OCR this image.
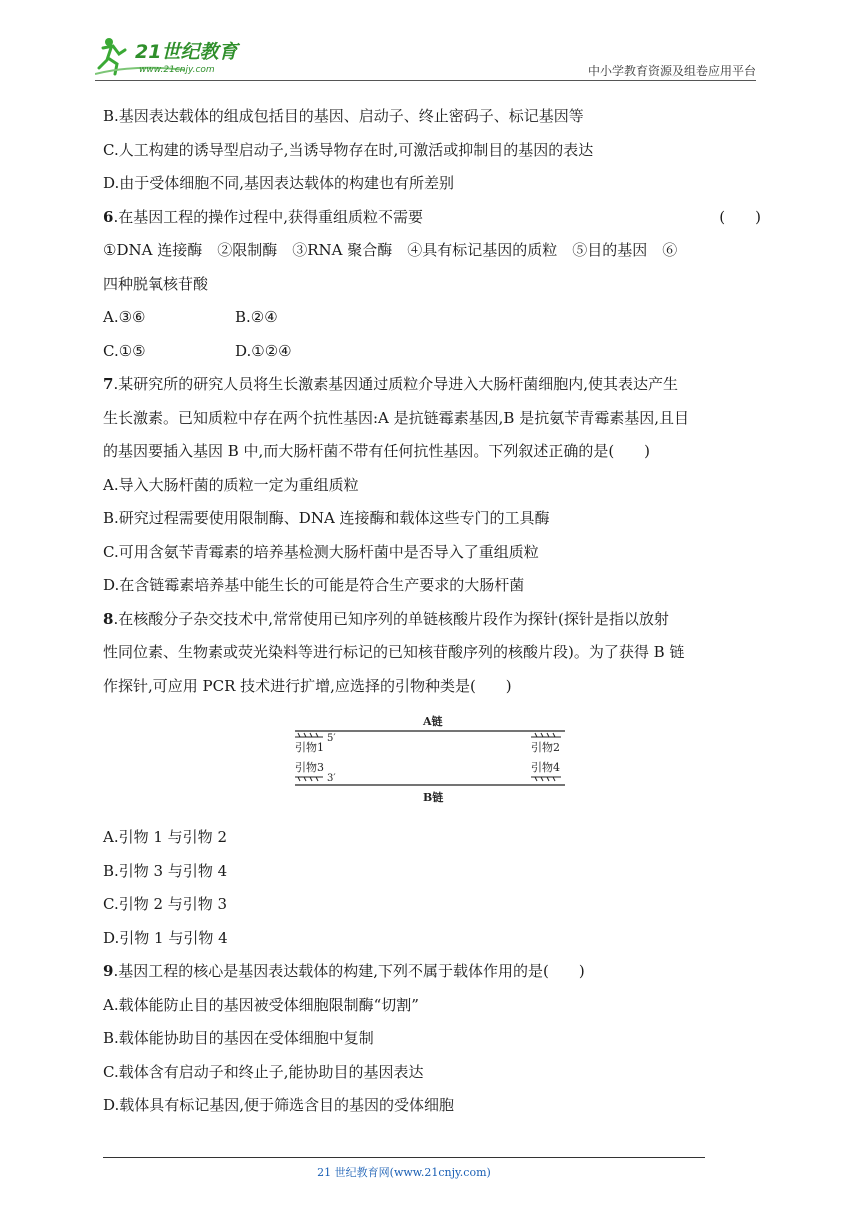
21世纪教育
www.21cnjy.com	中小学教育资源及组卷应用平台
B.基因表达载体的组成包括目的基因、启动子、终止密码子、标记基因等
C.人工构建的诱导型启动子,当诱导物存在时,可激活或抑制目的基因的表达
D.由于受体细胞不同,基因表达载体的构建也有所差别
6.在基因工程的操作过程中,获得重组质粒不需要	(　　)
①DNA 连接酶　②限制酶　③RNA 聚合酶　④具有标记基因的质粒　⑤目的基因　⑥
四种脱氧核苷酸
A.③⑥	B.②④
C.①⑤	D.①②④
7.某研究所的研究人员将生长激素基因通过质粒介导进入大肠杆菌细胞内,使其表达产生
生长激素。已知质粒中存在两个抗性基因:A 是抗链霉素基因,B 是抗氨苄青霉素基因,且目
的基因要插入基因 B 中,而大肠杆菌不带有任何抗性基因。下列叙述正确的是(　　)
A.导入大肠杆菌的质粒一定为重组质粒
B.研究过程需要使用限制酶、DNA 连接酶和载体这些专门的工具酶
C.可用含氨苄青霉素的培养基检测大肠杆菌中是否导入了重组质粒
D.在含链霉素培养基中能生长的可能是符合生产要求的大肠杆菌
8.在核酸分子杂交技术中,常常使用已知序列的单链核酸片段作为探针(探针是指以放射
性同位素、生物素或荧光染料等进行标记的已知核苷酸序列的核酸片段)。为了获得 B 链
作探针,可应用 PCR 技术进行扩增,应选择的引物种类是(　　)
A链
5′
引物1	引物2
引物3
3′
引物4
B链
A.引物 1 与引物 2
B.引物 3 与引物 4
C.引物 2 与引物 3
D.引物 1 与引物 4
9.基因工程的核心是基因表达载体的构建,下列不属于载体作用的是(　　)
A.载体能防止目的基因被受体细胞限制酶“切割”
B.载体能协助目的基因在受体细胞中复制
C.载体含有启动子和终止子,能协助目的基因表达
D.载体具有标记基因,便于筛选含目的基因的受体细胞
21 世纪教育网(www.21cnjy.com)
